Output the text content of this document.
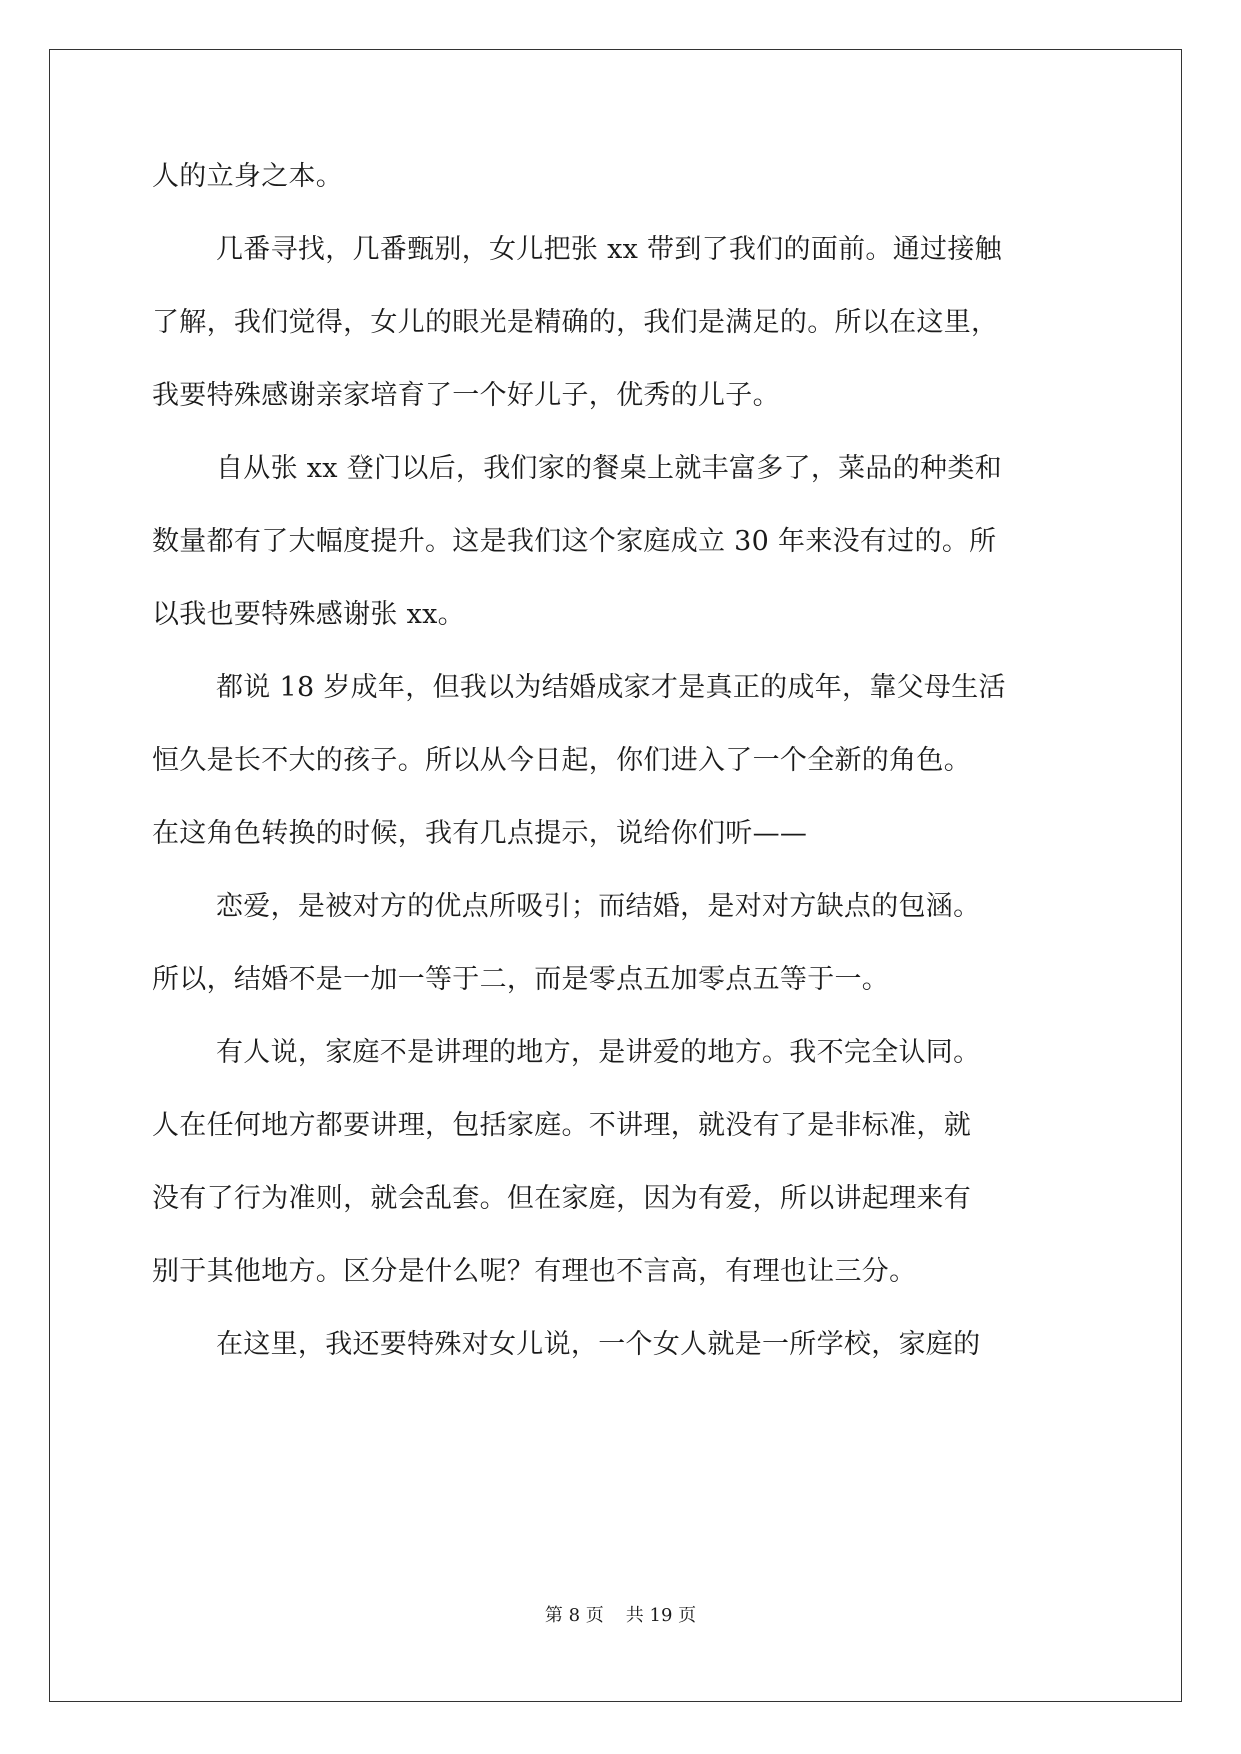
人的立身之本。
几番寻找，几番甄别，女儿把张 xx 带到了我们的面前。通过接触
了解，我们觉得，女儿的眼光是精确的，我们是满足的。所以在这里，
我要特殊感谢亲家培育了一个好儿子，优秀的儿子。
自从张 xx 登门以后，我们家的餐桌上就丰富多了，菜品的种类和
数量都有了大幅度提升。这是我们这个家庭成立 30 年来没有过的。所
以我也要特殊感谢张 xx。
都说 18 岁成年，但我以为结婚成家才是真正的成年，靠父母生活
恒久是长不大的孩子。所以从今日起，你们进入了一个全新的角色。
在这角色转换的时候，我有几点提示，说给你们听——
恋爱，是被对方的优点所吸引；而结婚，是对对方缺点的包涵。
所以，结婚不是一加一等于二，而是零点五加零点五等于一。
有人说，家庭不是讲理的地方，是讲爱的地方。我不完全认同。
人在任何地方都要讲理，包括家庭。不讲理，就没有了是非标准，就
没有了行为准则，就会乱套。但在家庭，因为有爱，所以讲起理来有
别于其他地方。区分是什么呢？有理也不言高，有理也让三分。
在这里，我还要特殊对女儿说，一个女人就是一所学校，家庭的
第 8 页 共 19 页
